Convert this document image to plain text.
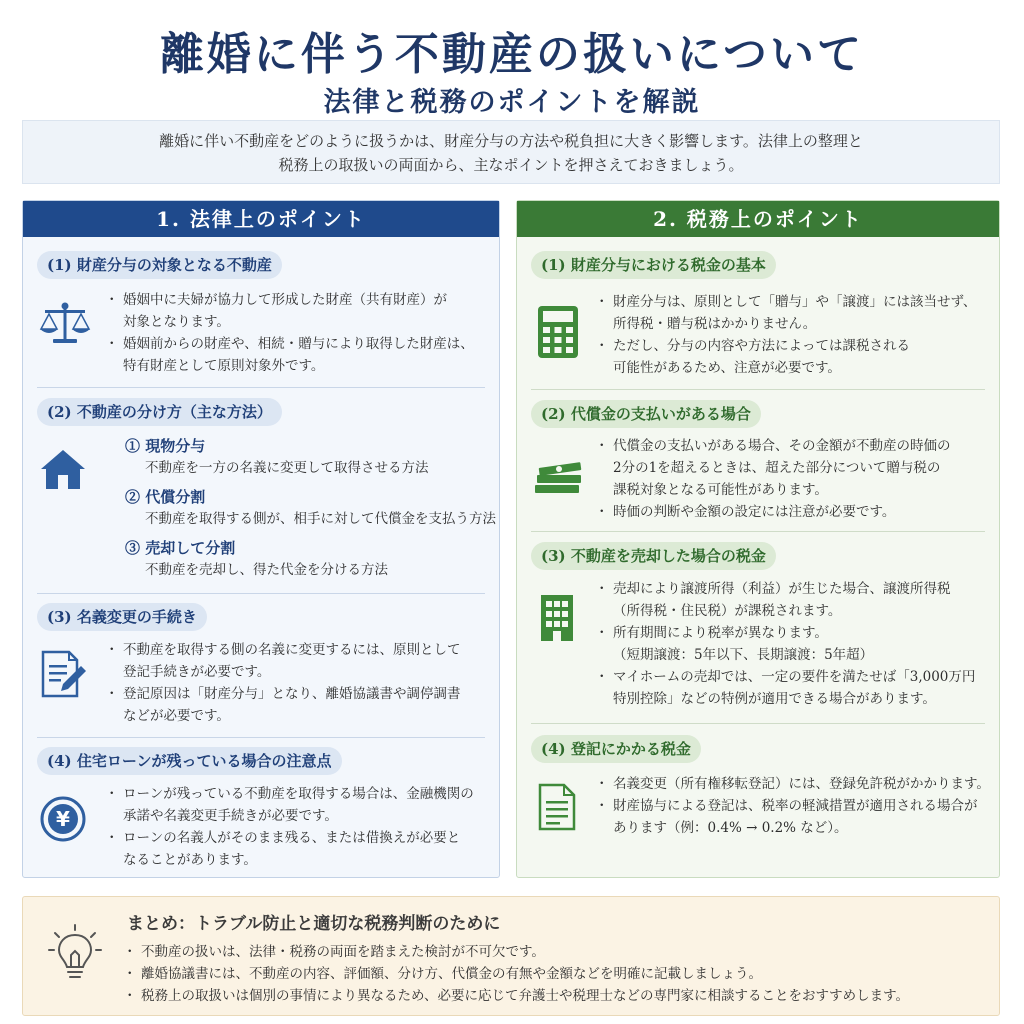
離婚に伴う不動産の扱いについて
法律と税務のポイントを解説
離婚に伴い不動産をどのように扱うかは、財産分与の方法や税負担に大きく影響します。法律上の整理と
税務上の取扱いの両面から、主なポイントを押さえておきましょう。
1. 法律上のポイント
(1) 財産分与の対象となる不動産
・ 婚姻中に夫婦が協力して形成した財産（共有財産）が
対象となります。
・ 婚姻前からの財産や、相続・贈与により取得した財産は、
特有財産として原則対象外です。
(2) 不動産の分け方（主な方法）
① 現物分与
不動産を一方の名義に変更して取得させる方法
② 代償分割
不動産を取得する側が、相手に対して代償金を支払う方法
③ 売却して分割
不動産を売却し、得た代金を分ける方法
(3) 名義変更の手続き
・ 不動産を取得する側の名義に変更するには、原則として
登記手続きが必要です。
・ 登記原因は「財産分与」となり、離婚協議書や調停調書
などが必要です。
(4) 住宅ローンが残っている場合の注意点
¥
・ ローンが残っている不動産を取得する場合は、金融機関の
承諾や名義変更手続きが必要です。
・ ローンの名義人がそのまま残る、または借換えが必要と
なることがあります。
2. 税務上のポイント
(1) 財産分与における税金の基本
・ 財産分与は、原則として「贈与」や「譲渡」には該当せず、
所得税・贈与税はかかりません。
・ ただし、分与の内容や方法によっては課税される
可能性があるため、注意が必要です。
(2) 代償金の支払いがある場合
・ 代償金の支払いがある場合、その金額が不動産の時価の
2分の1を超えるときは、超えた部分について贈与税の
課税対象となる可能性があります。
・ 時価の判断や金額の設定には注意が必要です。
(3) 不動産を売却した場合の税金
・ 売却により譲渡所得（利益）が生じた場合、譲渡所得税
（所得税・住民税）が課税されます。
・ 所有期間により税率が異なります。
（短期譲渡：5年以下、長期譲渡：5年超）
・ マイホームの売却では、一定の要件を満たせば「3,000万円
特別控除」などの特例が適用できる場合があります。
(4) 登記にかかる税金
・ 名義変更（所有権移転登記）には、登録免許税がかかります。
・ 財産協与による登記は、税率の軽減措置が適用される場合が
あります（例：0.4% → 0.2% など）。
まとめ：トラブル防止と適切な税務判断のために
・ 不動産の扱いは、法律・税務の両面を踏まえた検討が不可欠です。
・ 離婚協議書には、不動産の内容、評価額、分け方、代償金の有無や金額などを明確に記載しましょう。
・ 税務上の取扱いは個別の事情により異なるため、必要に応じて弁護士や税理士などの専門家に相談することをおすすめします。
